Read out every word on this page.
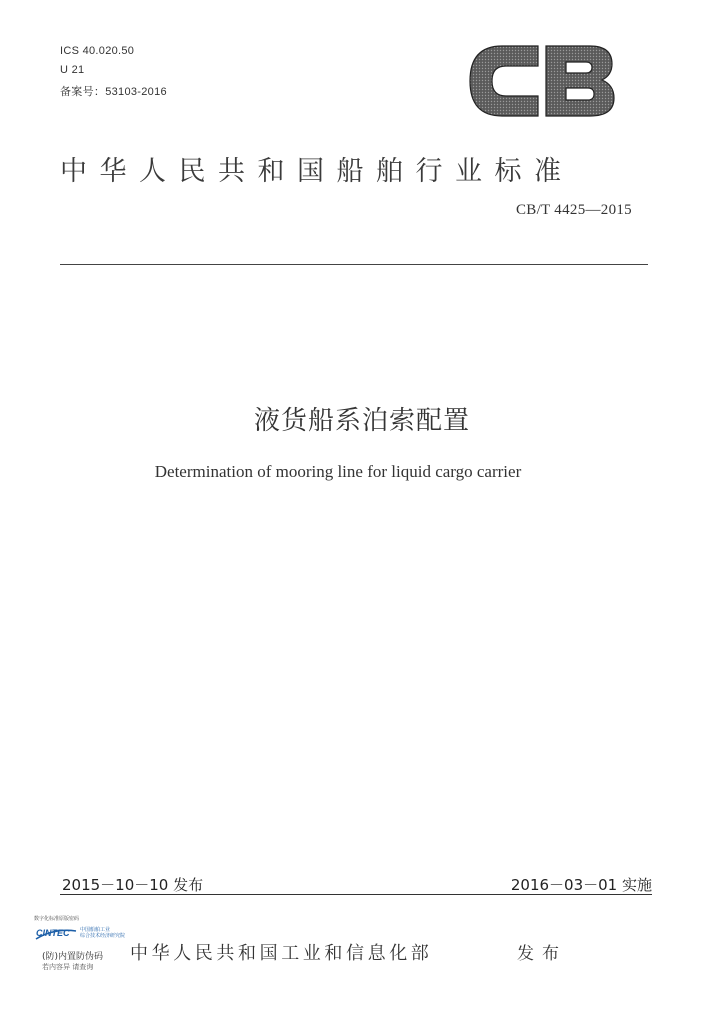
ICS 40.020.50
U 21
备案号：53103-2016
中华人民共和国船舶行业标准
CB/T 4425—2015
液货船系泊索配置
Determination of mooring line for liquid cargo carrier
2015－10－10 发布	2016－03－01 实施
数字化标准原版密码
CINTEC 中国船舶工业
综合技术经济研究院
(防)内置防伪码
若内容异 请查询
中华人民共和国工业和信息化部	发布
